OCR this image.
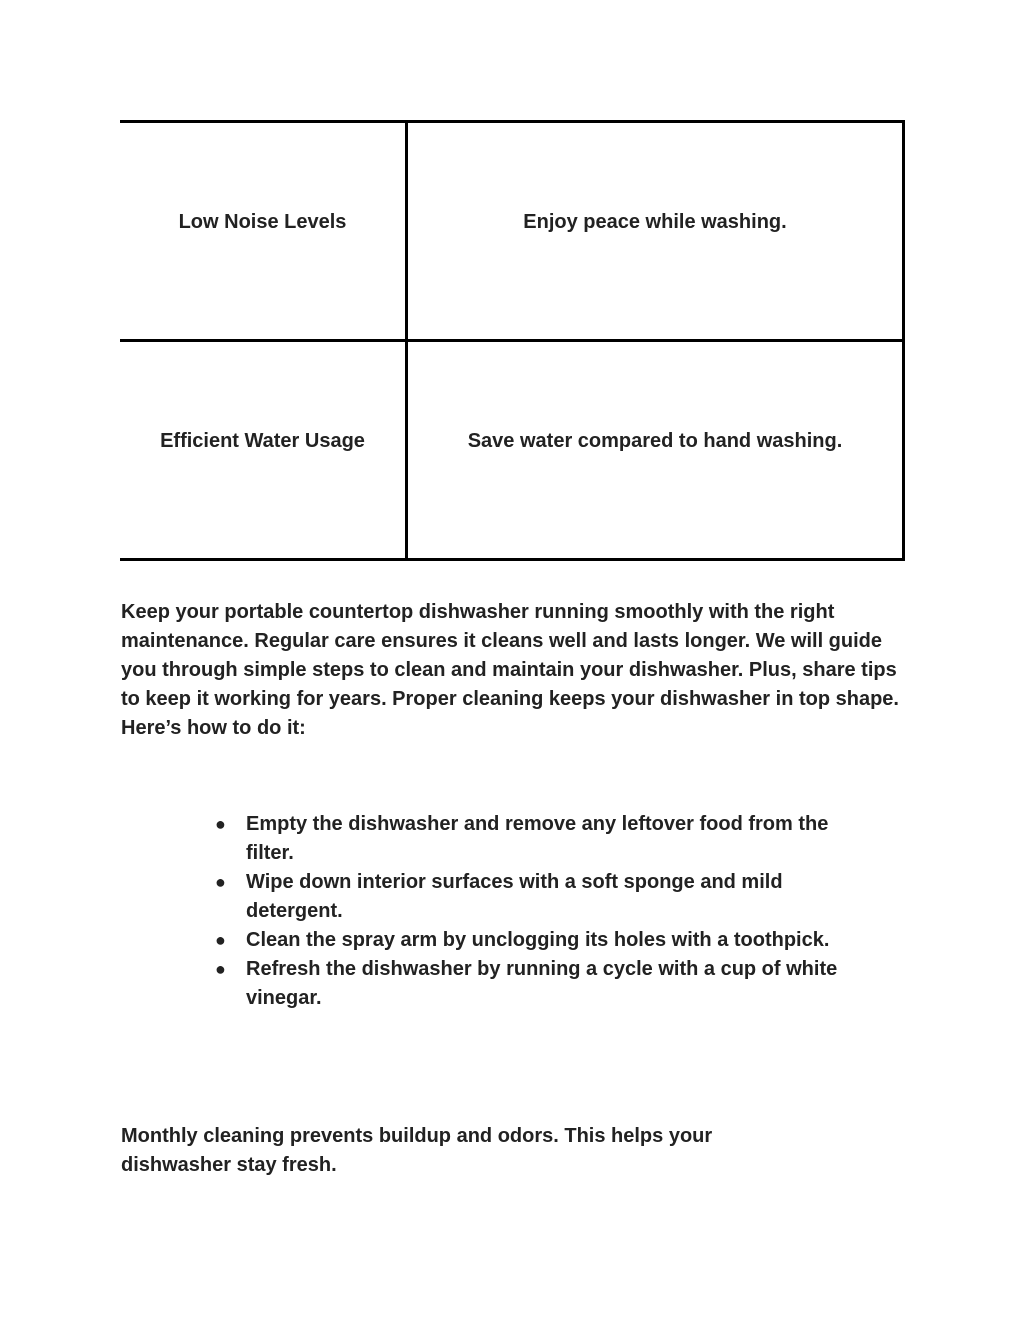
Low Noise Levels	Enjoy peace while washing.
Efficient Water Usage	Save water compared to hand washing.

Keep your portable countertop dishwasher running smoothly with the right maintenance. Regular care ensures it cleans well and lasts longer. We will guide you through simple steps to clean and maintain your dishwasher. Plus, share tips to keep it working for years. Proper cleaning keeps your dishwasher in top shape. Here’s how to do it:

● Empty the dishwasher and remove any leftover food from the filter.
● Wipe down interior surfaces with a soft sponge and mild detergent.
● Clean the spray arm by unclogging its holes with a toothpick.
● Refresh the dishwasher by running a cycle with a cup of white vinegar.

Monthly cleaning prevents buildup and odors. This helps your dishwasher stay fresh.
